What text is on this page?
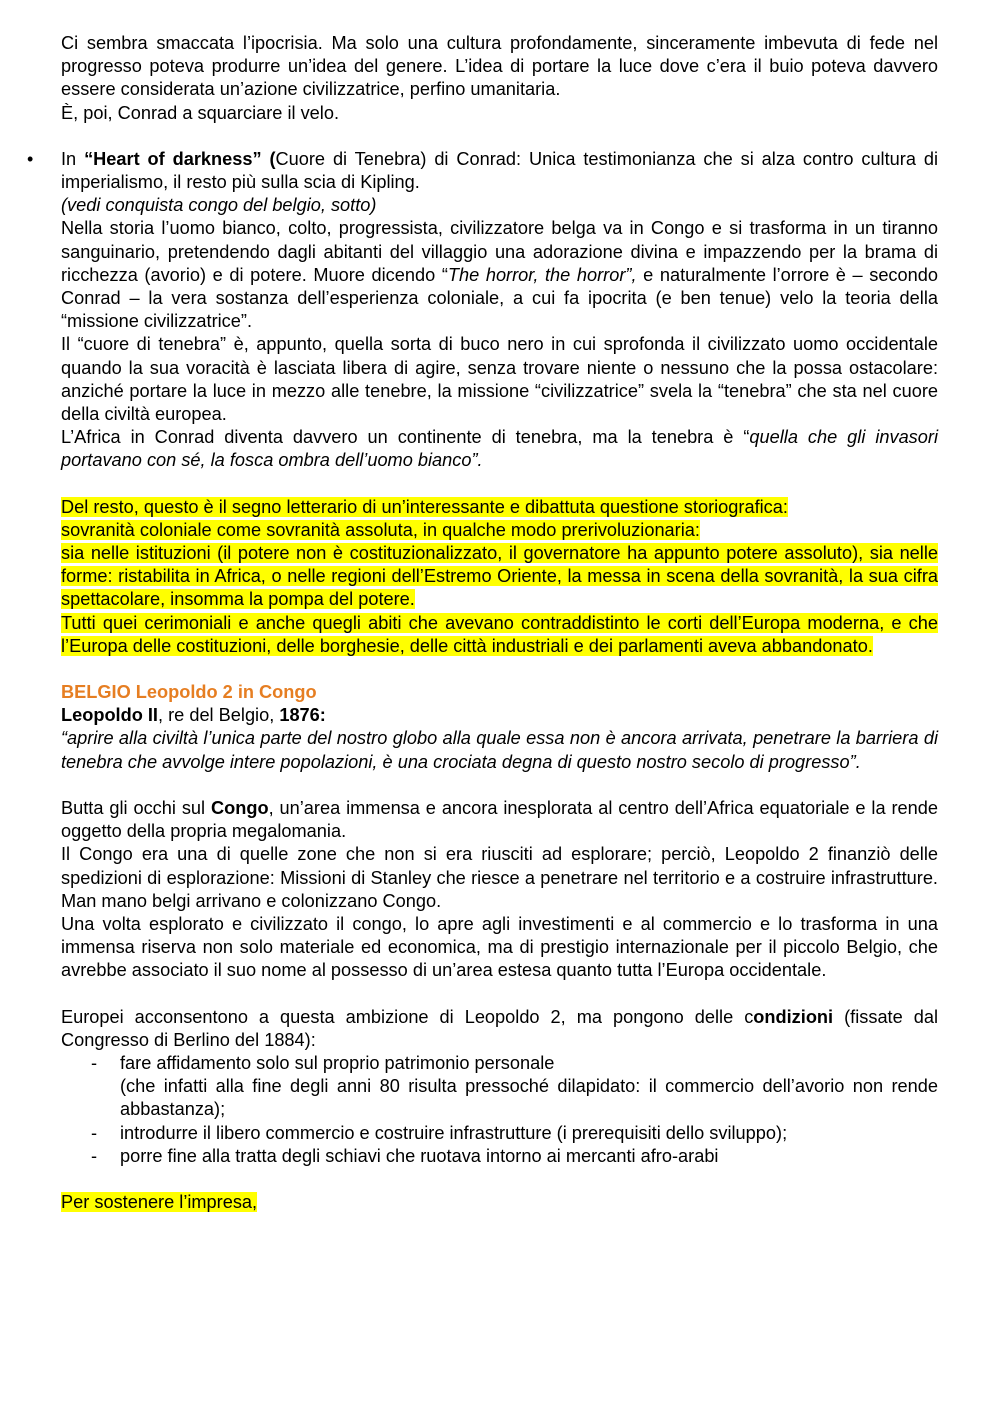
Ci sembra smaccata l’ipocrisia. Ma solo una cultura profondamente, sinceramente imbevuta di fede nel progresso poteva produrre un’idea del genere. L’idea di portare la luce dove c’era il buio poteva davvero essere considerata un’azione civilizzatrice, perfino umanitaria.
È, poi, Conrad a squarciare il velo.

• In “Heart of darkness” (Cuore di Tenebra) di Conrad: Unica testimonianza che si alza contro cultura di imperialismo, il resto più sulla scia di Kipling.

(vedi conquista congo del belgio, sotto)

Nella storia l’uomo bianco, colto, progressista, civilizzatore belga va in Congo e si trasforma in un tiranno sanguinario, pretendendo dagli abitanti del villaggio una adorazione divina e impazzendo per la brama di ricchezza (avorio) e di potere. Muore dicendo “The horror, the horror”, e naturalmente l’orrore è – secondo Conrad – la vera sostanza dell’esperienza coloniale, a cui fa ipocrita (e ben tenue) velo la teoria della “missione civilizzatrice”.

Il “cuore di tenebra” è, appunto, quella sorta di buco nero in cui sprofonda il civilizzato uomo occidentale quando la sua voracità è lasciata libera di agire, senza trovare niente o nessuno che la possa ostacolare: anziché portare la luce in mezzo alle tenebre, la missione “civilizzatrice” svela la “tenebra” che sta nel cuore della civiltà europea.

L’Africa in Conrad diventa davvero un continente di tenebra, ma la tenebra è “quella che gli invasori portavano con sé, la fosca ombra dell’uomo bianco”.

Del resto, questo è il segno letterario di un’interessante e dibattuta questione storiografica:

sovranità coloniale come sovranità assoluta, in qualche modo prerivoluzionaria:

sia nelle istituzioni (il potere non è costituzionalizzato, il governatore ha appunto potere assoluto), sia nelle forme: ristabilita in Africa, o nelle regioni dell’Estremo Oriente, la messa in scena della sovranità, la sua cifra spettacolare, insomma la pompa del potere.

Tutti quei cerimoniali e anche quegli abiti che avevano contraddistinto le corti dell’Europa moderna, e che l’Europa delle costituzioni, delle borghesie, delle città industriali e dei parlamenti aveva abbandonato.

BELGIO Leopoldo 2 in Congo

Leopoldo II, re del Belgio, 1876:

“aprire alla civiltà l’unica parte del nostro globo alla quale essa non è ancora arrivata, penetrare la barriera di tenebra che avvolge intere popolazioni, è una crociata degna di questo nostro secolo di progresso”.

Butta gli occhi sul Congo, un’area immensa e ancora inesplorata al centro dell’Africa equatoriale e la rende oggetto della propria megalomania.

Il Congo era una di quelle zone che non si era riusciti ad esplorare; perciò, Leopoldo 2 finanziò delle spedizioni di esplorazione: Missioni di Stanley che riesce a penetrare nel territorio e a costruire infrastrutture. Man mano belgi arrivano e colonizzano Congo.

Una volta esplorato e civilizzato il congo, lo apre agli investimenti e al commercio e lo trasforma in una immensa riserva non solo materiale ed economica, ma di prestigio internazionale per il piccolo Belgio, che avrebbe associato il suo nome al possesso di un’area estesa quanto tutta l’Europa occidentale.

Europei acconsentono a questa ambizione di Leopoldo 2, ma pongono delle condizioni (fissate dal Congresso di Berlino del 1884):

- fare affidamento solo sul proprio patrimonio personale
(che infatti alla fine degli anni 80 risulta pressoché dilapidato: il commercio dell’avorio non rende abbastanza);
- introdurre il libero commercio e costruire infrastrutture (i prerequisiti dello sviluppo);
- porre fine alla tratta degli schiavi che ruotava intorno ai mercanti afro-arabi

Per sostenere l’impresa,
